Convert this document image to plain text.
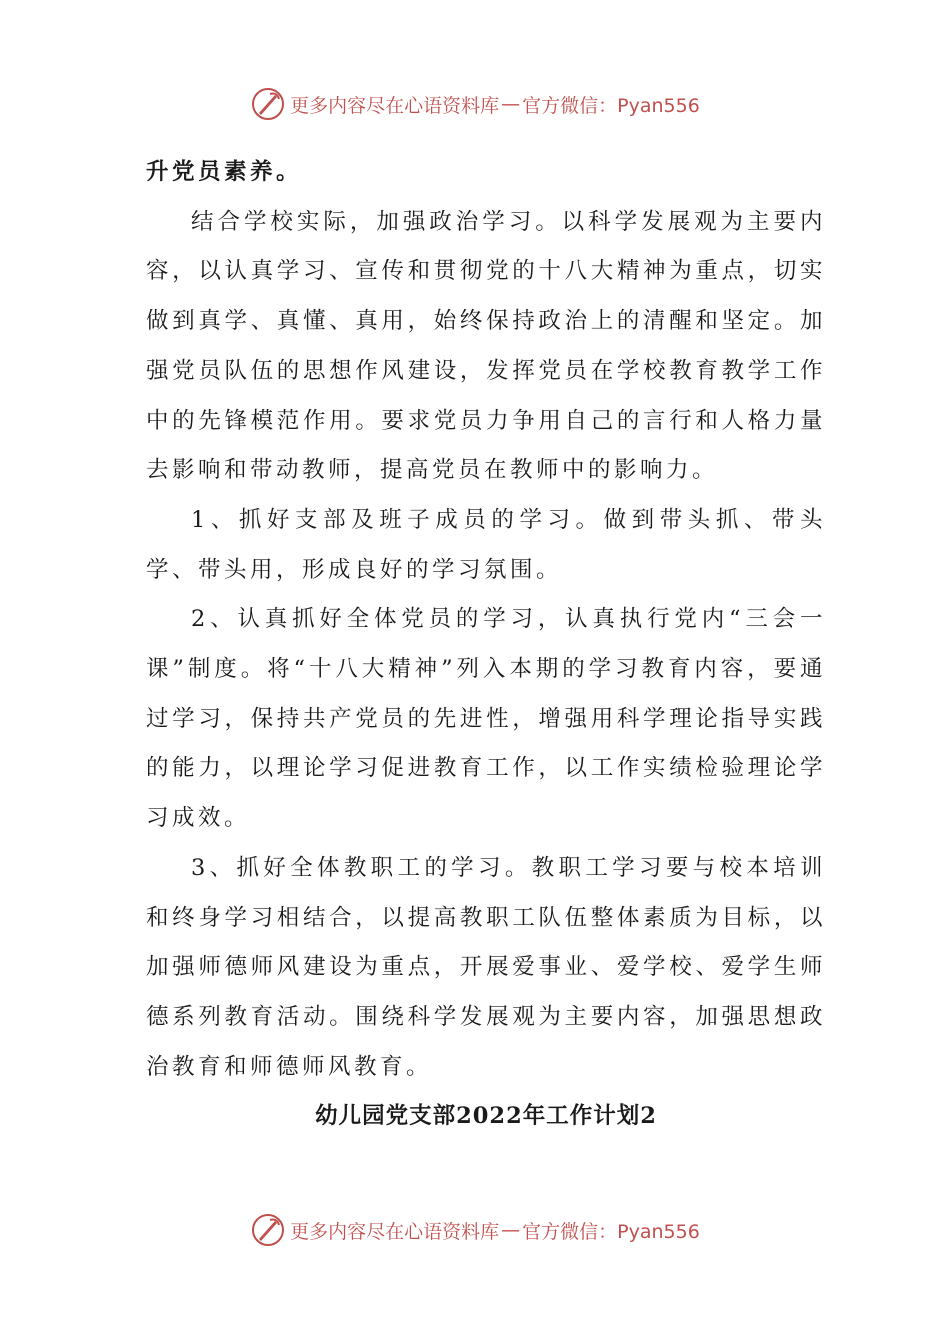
更多内容尽在心语资料库 — 官方微信：Pyan556

升党员素养。

结合学校实际，加强政治学习。以科学发展观为主要内容，以认真学习、宣传和贯彻党的十八大精神为重点，切实做到真学、真懂、真用，始终保持政治上的清醒和坚定。加强党员队伍的思想作风建设，发挥党员在学校教育教学工作中的先锋模范作用。要求党员力争用自己的言行和人格力量去影响和带动教师，提高党员在教师中的影响力。

1、抓好支部及班子成员的学习。做到带头抓、带头学、带头用，形成良好的学习氛围。

2、认真抓好全体党员的学习，认真执行党内“三会一课”制度。将“十八大精神”列入本期的学习教育内容，要通过学习，保持共产党员的先进性，增强用科学理论指导实践的能力，以理论学习促进教育工作，以工作实绩检验理论学习成效。

3、抓好全体教职工的学习。教职工学习要与校本培训和终身学习相结合，以提高教职工队伍整体素质为目标，以加强师德师风建设为重点，开展爱事业、爱学校、爱学生师德系列教育活动。围绕科学发展观为主要内容，加强思想政治教育和师德师风教育。

幼儿园党支部2022年工作计划2

更多内容尽在心语资料库 — 官方微信：Pyan556
